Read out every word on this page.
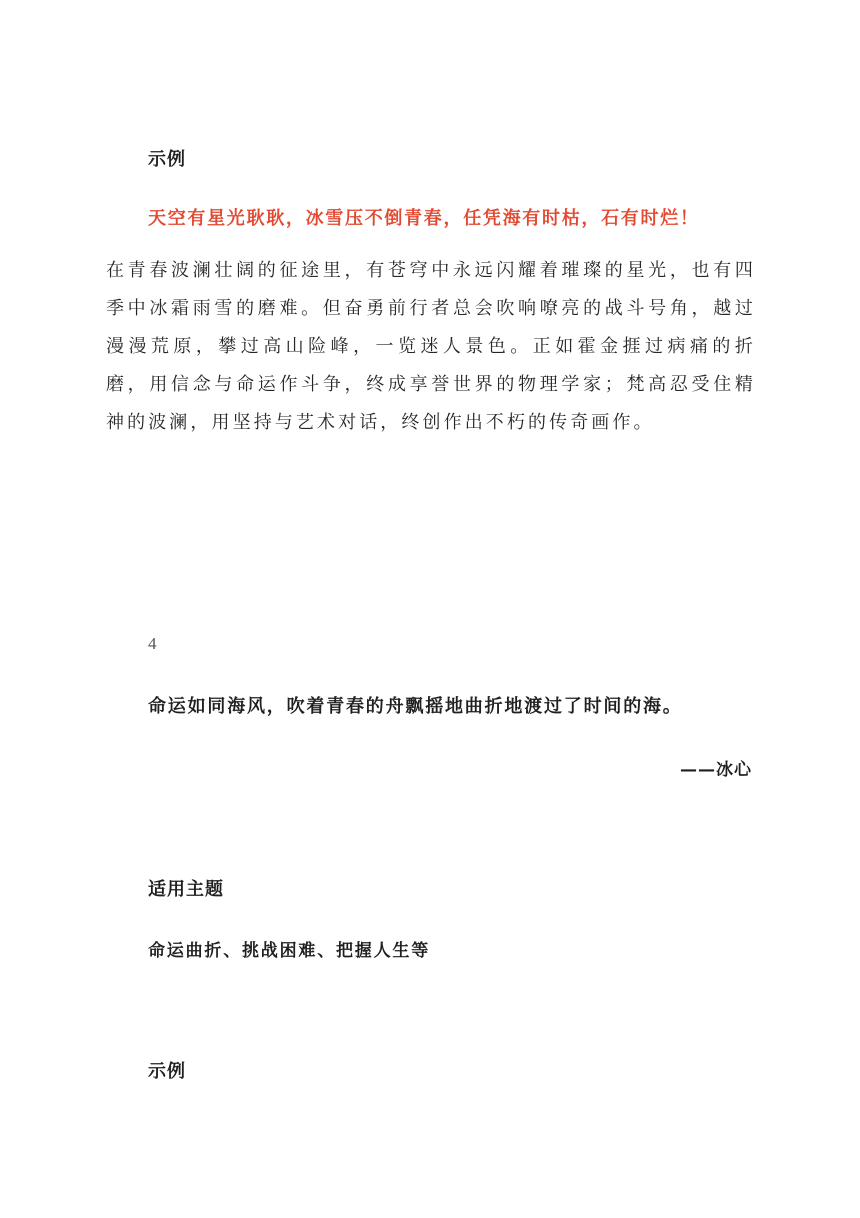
示例
天空有星光耿耿，冰雪压不倒青春，任凭海有时枯，石有时烂！
在青春波澜壮阔的征途里，有苍穹中永远闪耀着璀璨的星光，也有四季中冰霜雨雪的磨难。但奋勇前行者总会吹响嘹亮的战斗号角，越过漫漫荒原，攀过高山险峰，一览迷人景色。正如霍金捱过病痛的折磨，用信念与命运作斗争，终成享誉世界的物理学家；梵高忍受住精神的波澜，用坚持与艺术对话，终创作出不朽的传奇画作。
4
命运如同海风，吹着青春的舟飘摇地曲折地渡过了时间的海。
——冰心
适用主题
命运曲折、挑战困难、把握人生等
示例
